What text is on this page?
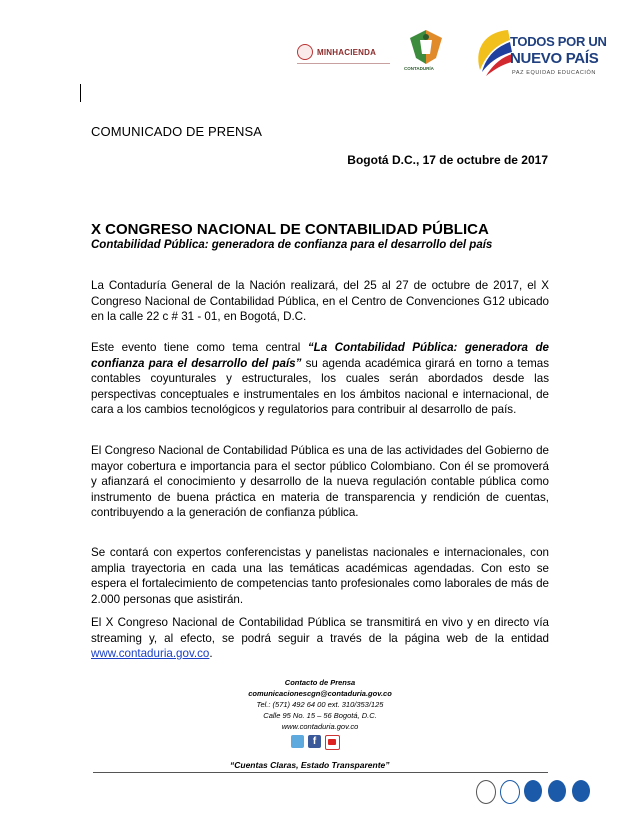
MINHACIENDA
CONTADURÍA
TODOS POR UN
NUEVO PAÍS
PAZ EQUIDAD EDUCACIÓN
COMUNICADO DE PRENSA
Bogotá D.C., 17 de octubre de 2017
X CONGRESO NACIONAL DE CONTABILIDAD PÚBLICA
Contabilidad Pública: generadora de confianza para el desarrollo del país
La Contaduría General de la Nación realizará, del 25 al 27 de octubre de 2017, el X Congreso Nacional de Contabilidad Pública, en el Centro de Convenciones G12 ubicado en la calle 22 c # 31 - 01, en Bogotá, D.C.
Este evento tiene como tema central “La Contabilidad Pública: generadora de confianza para el desarrollo del país” su agenda académica girará en torno a temas contables coyunturales y estructurales, los cuales serán abordados desde las perspectivas conceptuales e instrumentales en los ámbitos nacional e internacional, de cara a los cambios tecnológicos y regulatorios para contribuir al desarrollo de país.
El Congreso Nacional de Contabilidad Pública es una de las actividades del Gobierno de mayor cobertura e importancia para el sector público Colombiano. Con él se promoverá y afianzará el conocimiento y desarrollo de la nueva regulación contable pública como instrumento de buena práctica en materia de transparencia y rendición de cuentas, contribuyendo a la generación de confianza pública.
Se contará con expertos conferencistas y panelistas nacionales e internacionales, con amplia trayectoria en cada una las temáticas académicas agendadas. Con esto se espera el fortalecimiento de competencias tanto profesionales como laborales de más de 2.000 personas que asistirán.
El X Congreso Nacional de Contabilidad Pública se transmitirá en vivo y en directo vía streaming y, al efecto, se podrá seguir a través de la página web de la entidad www.contaduria.gov.co.
Contacto de Prensa
comunicacionescgn@contaduria.gov.co
Tel.: (571) 492 64 00 ext. 310/353/125
Calle 95 No. 15 – 56 Bogotá, D.C.
www.contaduria.gov.co
f
“Cuentas Claras, Estado Transparente”
